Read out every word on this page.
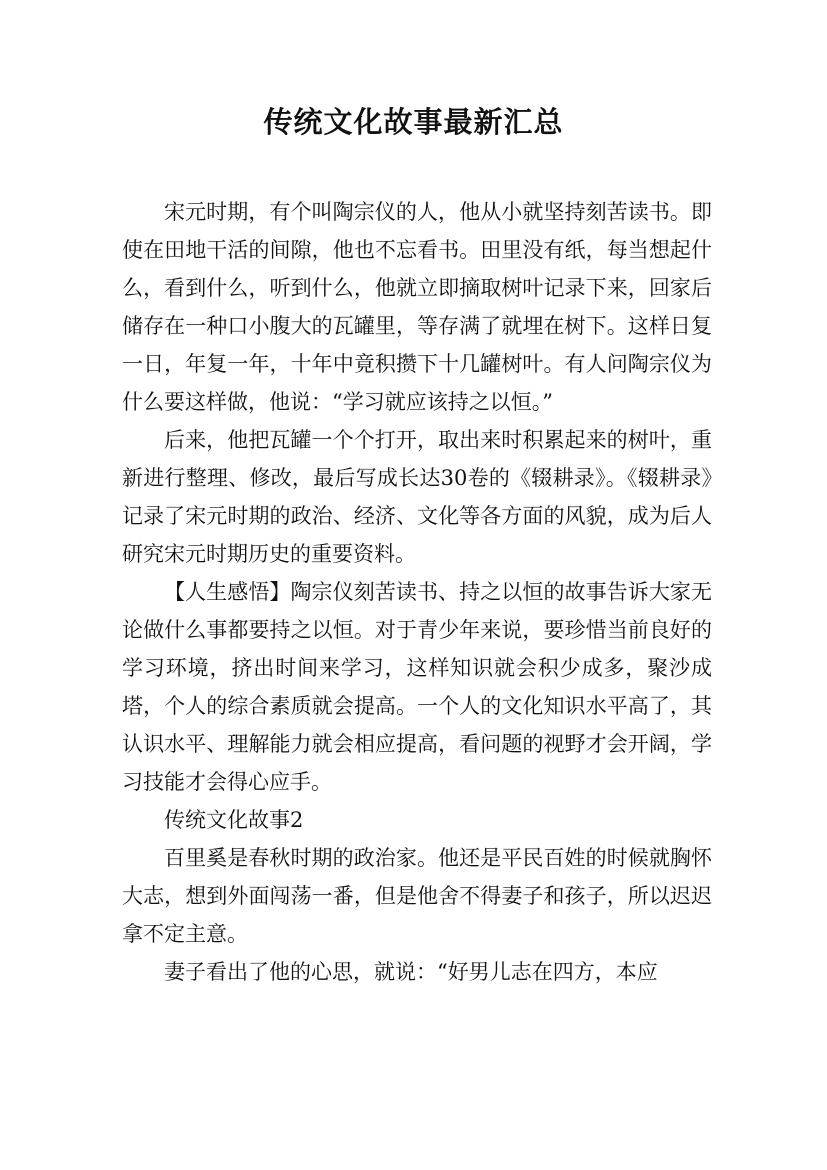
传统文化故事最新汇总

宋元时期，有个叫陶宗仪的人，他从小就坚持刻苦读书。即使在田地干活的间隙，他也不忘看书。田里没有纸，每当想起什么，看到什么，听到什么，他就立即摘取树叶记录下来，回家后储存在一种口小腹大的瓦罐里，等存满了就埋在树下。这样日复一日，年复一年，十年中竟积攒下十几罐树叶。有人问陶宗仪为什么要这样做，他说：“学习就应该持之以恒。”

后来，他把瓦罐一个个打开，取出来时积累起来的树叶，重新进行整理、修改，最后写成长达30卷的《辍耕录》。《辍耕录》记录了宋元时期的政治、经济、文化等各方面的风貌，成为后人研究宋元时期历史的重要资料。

【人生感悟】陶宗仪刻苦读书、持之以恒的故事告诉大家无论做什么事都要持之以恒。对于青少年来说，要珍惜当前良好的学习环境，挤出时间来学习，这样知识就会积少成多，聚沙成塔，个人的综合素质就会提高。一个人的文化知识水平高了，其认识水平、理解能力就会相应提高，看问题的视野才会开阔，学习技能才会得心应手。

传统文化故事2

百里奚是春秋时期的政治家。他还是平民百姓的时候就胸怀大志，想到外面闯荡一番，但是他舍不得妻子和孩子，所以迟迟拿不定主意。

妻子看出了他的心思，就说：“好男儿志在四方，本应
